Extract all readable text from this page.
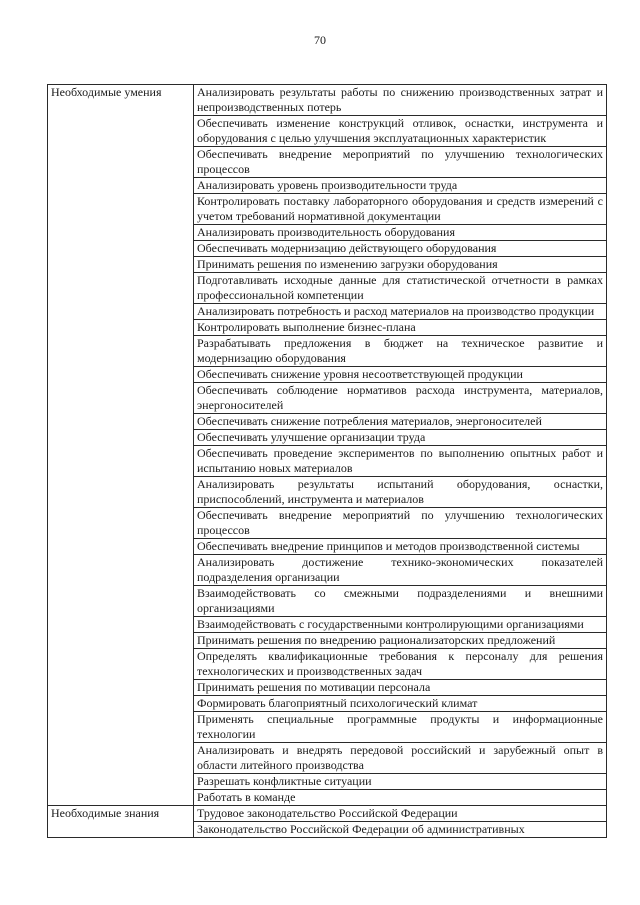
70
Необходимые умения	Анализировать результаты работы по снижению производственных затрат и непроизводственных потерь
	Обеспечивать изменение конструкций отливок, оснастки, инструмента и оборудования с целью улучшения эксплуатационных характеристик
	Обеспечивать внедрение мероприятий по улучшению технологических процессов
	Анализировать уровень производительности труда
	Контролировать поставку лабораторного оборудования и средств измерений с учетом требований нормативной документации
	Анализировать производительность оборудования
	Обеспечивать модернизацию действующего оборудования
	Принимать решения по изменению загрузки оборудования
	Подготавливать исходные данные для статистической отчетности в рамках профессиональной компетенции
	Анализировать потребность и расход материалов на производство продукции
	Контролировать выполнение бизнес-плана
	Разрабатывать предложения в бюджет на техническое развитие и модернизацию оборудования
	Обеспечивать снижение уровня несоответствующей продукции
	Обеспечивать соблюдение нормативов расхода инструмента, материалов, энергоносителей
	Обеспечивать снижение потребления материалов, энергоносителей
	Обеспечивать улучшение организации труда
	Обеспечивать проведение экспериментов по выполнению опытных работ и испытанию новых материалов
	Анализировать результаты испытаний оборудования, оснастки, приспособлений, инструмента и материалов
	Обеспечивать внедрение мероприятий по улучшению технологических процессов
	Обеспечивать внедрение принципов и методов производственной системы
	Анализировать достижение технико-экономических показателей подразделения организации
	Взаимодействовать со смежными подразделениями и внешними организациями
	Взаимодействовать с государственными контролирующими организациями
	Принимать решения по внедрению рационализаторских предложений
	Определять квалификационные требования к персоналу для решения технологических и производственных задач
	Принимать решения по мотивации персонала
	Формировать благоприятный психологический климат
	Применять специальные программные продукты и информационные технологии
	Анализировать и внедрять передовой российский и зарубежный опыт в области литейного производства
	Разрешать конфликтные ситуации
	Работать в команде
Необходимые знания	Трудовое законодательство Российской Федерации
	Законодательство Российской Федерации об административных
